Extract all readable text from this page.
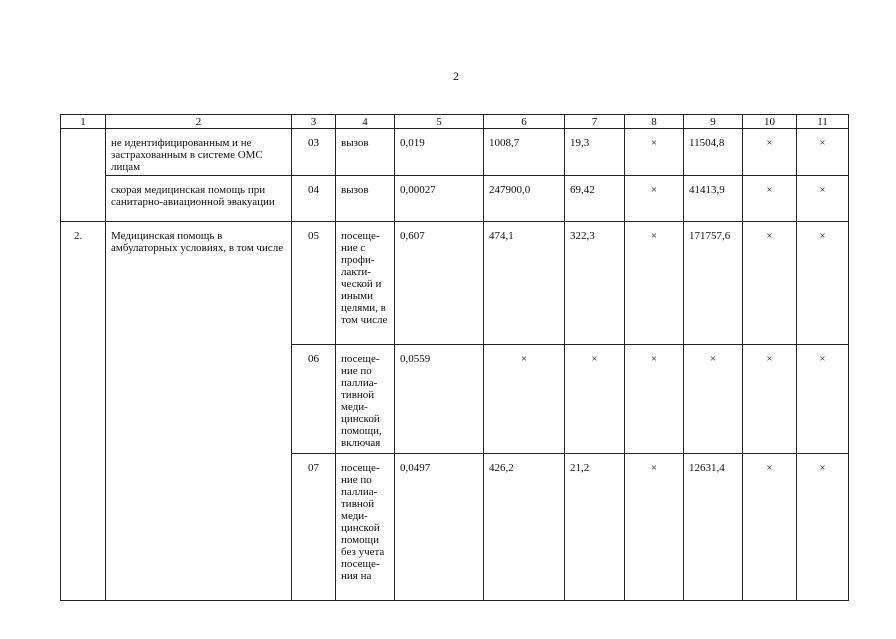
2
1	2	3	4	5	6	7	8	9	10	11

	не идентифицированным и не застрахованным в системе ОМС лицам	03	вызов	0,019	1008,7	19,3	×	11504,8	×	×

	скорая медицинская помощь при санитарно-авиационной эвакуации	04	вызов	0,00027	247900,0	69,42	×	41413,9	×	×

2.	Медицинская помощь в амбулаторных условиях, в том числе	05	посеще-ние с профи-лакти-ческой и иными целями, в том числе	0,607	474,1	322,3	×	171757,6	×	×

		06	посеще-ние по паллиа-тивной меди-цинской помощи, включая	0,0559	×	×	×	×	×	×

		07	посеще-ние по паллиа-тивной меди-цинской помощи без учета посеще-ния на	0,0497	426,2	21,2	×	12631,4	×	×
